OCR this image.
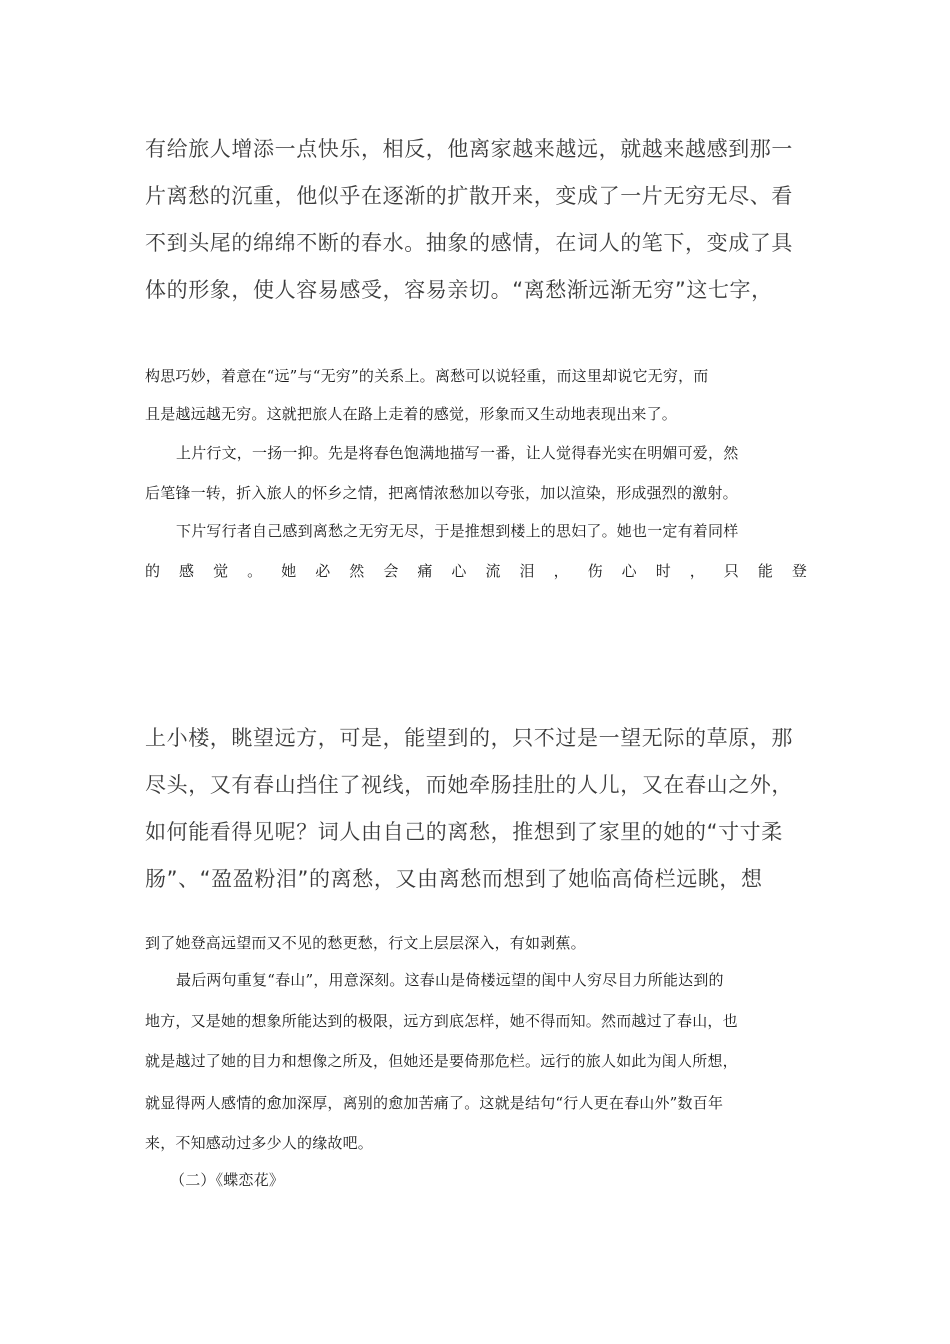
有给旅人增添一点快乐，相反，他离家越来越远，就越来越感到那一
片离愁的沉重，他似乎在逐渐的扩散开来，变成了一片无穷无尽、看
不到头尾的绵绵不断的春水。抽象的感情，在词人的笔下，变成了具
体的形象，使人容易感受，容易亲切。“离愁渐远渐无穷”这七字，
构思巧妙，着意在“远”与“无穷”的关系上。离愁可以说轻重，而这里却说它无穷，而
且是越远越无穷。这就把旅人在路上走着的感觉，形象而又生动地表现出来了。
上片行文，一扬一抑。先是将春色饱满地描写一番，让人觉得春光实在明媚可爱，然
后笔锋一转，折入旅人的怀乡之情，把离情浓愁加以夸张，加以渲染，形成强烈的激射。
下片写行者自己感到离愁之无穷无尽，于是推想到楼上的思妇了。她也一定有着同样
的 感 觉 。 她 必 然 会 痛 心 流 泪 ， 伤 心 时 ， 只 能 登
上小楼，眺望远方，可是，能望到的，只不过是一望无际的草原，那
尽头，又有春山挡住了视线，而她牵肠挂肚的人儿，又在春山之外，
如何能看得见呢？词人由自己的离愁，推想到了家里的她的“寸寸柔
肠”、“盈盈粉泪”的离愁，又由离愁而想到了她临高倚栏远眺，想
到了她登高远望而又不见的愁更愁，行文上层层深入，有如剥蕉。
最后两句重复“春山”，用意深刻。这春山是倚楼远望的闺中人穷尽目力所能达到的
地方，又是她的想象所能达到的极限，远方到底怎样，她不得而知。然而越过了春山，也
就是越过了她的目力和想像之所及，但她还是要倚那危栏。远行的旅人如此为闺人所想，
就显得两人感情的愈加深厚，离别的愈加苦痛了。这就是结句“行人更在春山外”数百年
来，不知感动过多少人的缘故吧。
（二）《蝶恋花》
